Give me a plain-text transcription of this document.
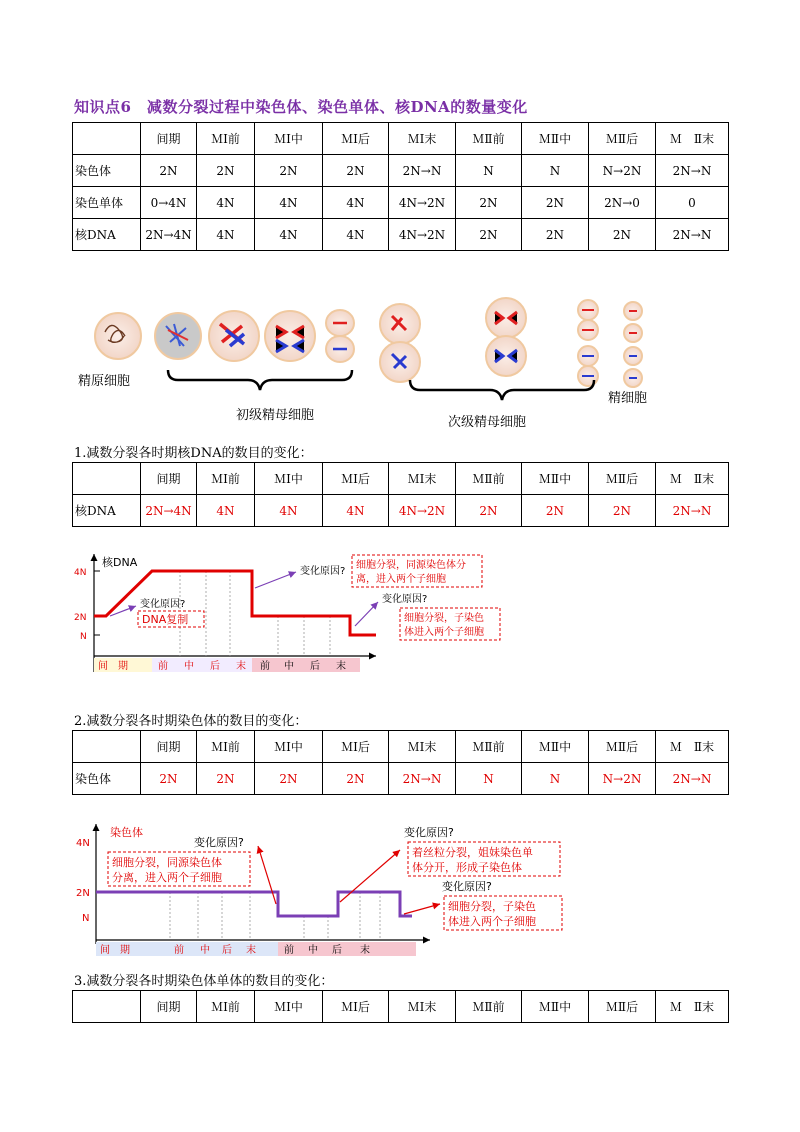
知识点6　减数分裂过程中染色体、染色单体、核DNA的数量变化
	间期	ＭⅠ前	ＭⅠ中	ＭⅠ后	ＭⅠ末	ＭⅡ前	ＭⅡ中	ＭⅡ后	Ｍ　Ⅱ末
染色体	2N	2N	2N	2N	2N→N	N	N	N→2N	2N→N
染色单体	0→4N	4N	4N	4N	4N→2N	2N	2N	2N→0	0
核DNA	2N→4N	4N	4N	4N	4N→2N	2N	2N	2N	2N→N
精原细胞
初级精母细胞	次级精母细胞
精细胞
1.减数分裂各时期核DNA的数目的变化：
	间期	ＭⅠ前	ＭⅠ中	ＭⅠ后	ＭⅠ末	ＭⅡ前	ＭⅡ中	ＭⅡ后	Ｍ　Ⅱ末
核DNA	2N→4N	4N	4N	4N	4N→2N	2N	2N	2N	2N→N
核DNA
4N
2N
N
间　期	前 中 后 末 前 中 后 末
变化原因?
DNA复制
变化原因?
细胞分裂，同源染色体分
离，进入两个子细胞
变化原因?
细胞分裂，子染色
体进入两个子细胞
2.减数分裂各时期染色体的数目的变化：
	间期	ＭⅠ前	ＭⅠ中	ＭⅠ后	ＭⅠ末	ＭⅡ前	ＭⅡ中	ＭⅡ后	Ｍ　Ⅱ末
染色体	2N	2N	2N	2N	2N→N	N	N	N→2N	2N→N
染色体
4N
2N
N
间　期	前 中 后 末	前 中 后 末
变化原因?
细胞分裂，同源染色体
分离，进入两个子细胞
变化原因?
着丝粒分裂，姐妹染色单
体分开，形成子染色体
变化原因?
细胞分裂，子染色
体进入两个子细胞
3.减数分裂各时期染色体单体的数目的变化：
	间期	ＭⅠ前	ＭⅠ中	ＭⅠ后	ＭⅠ末	ＭⅡ前	ＭⅡ中	ＭⅡ后	Ｍ　Ⅱ末
